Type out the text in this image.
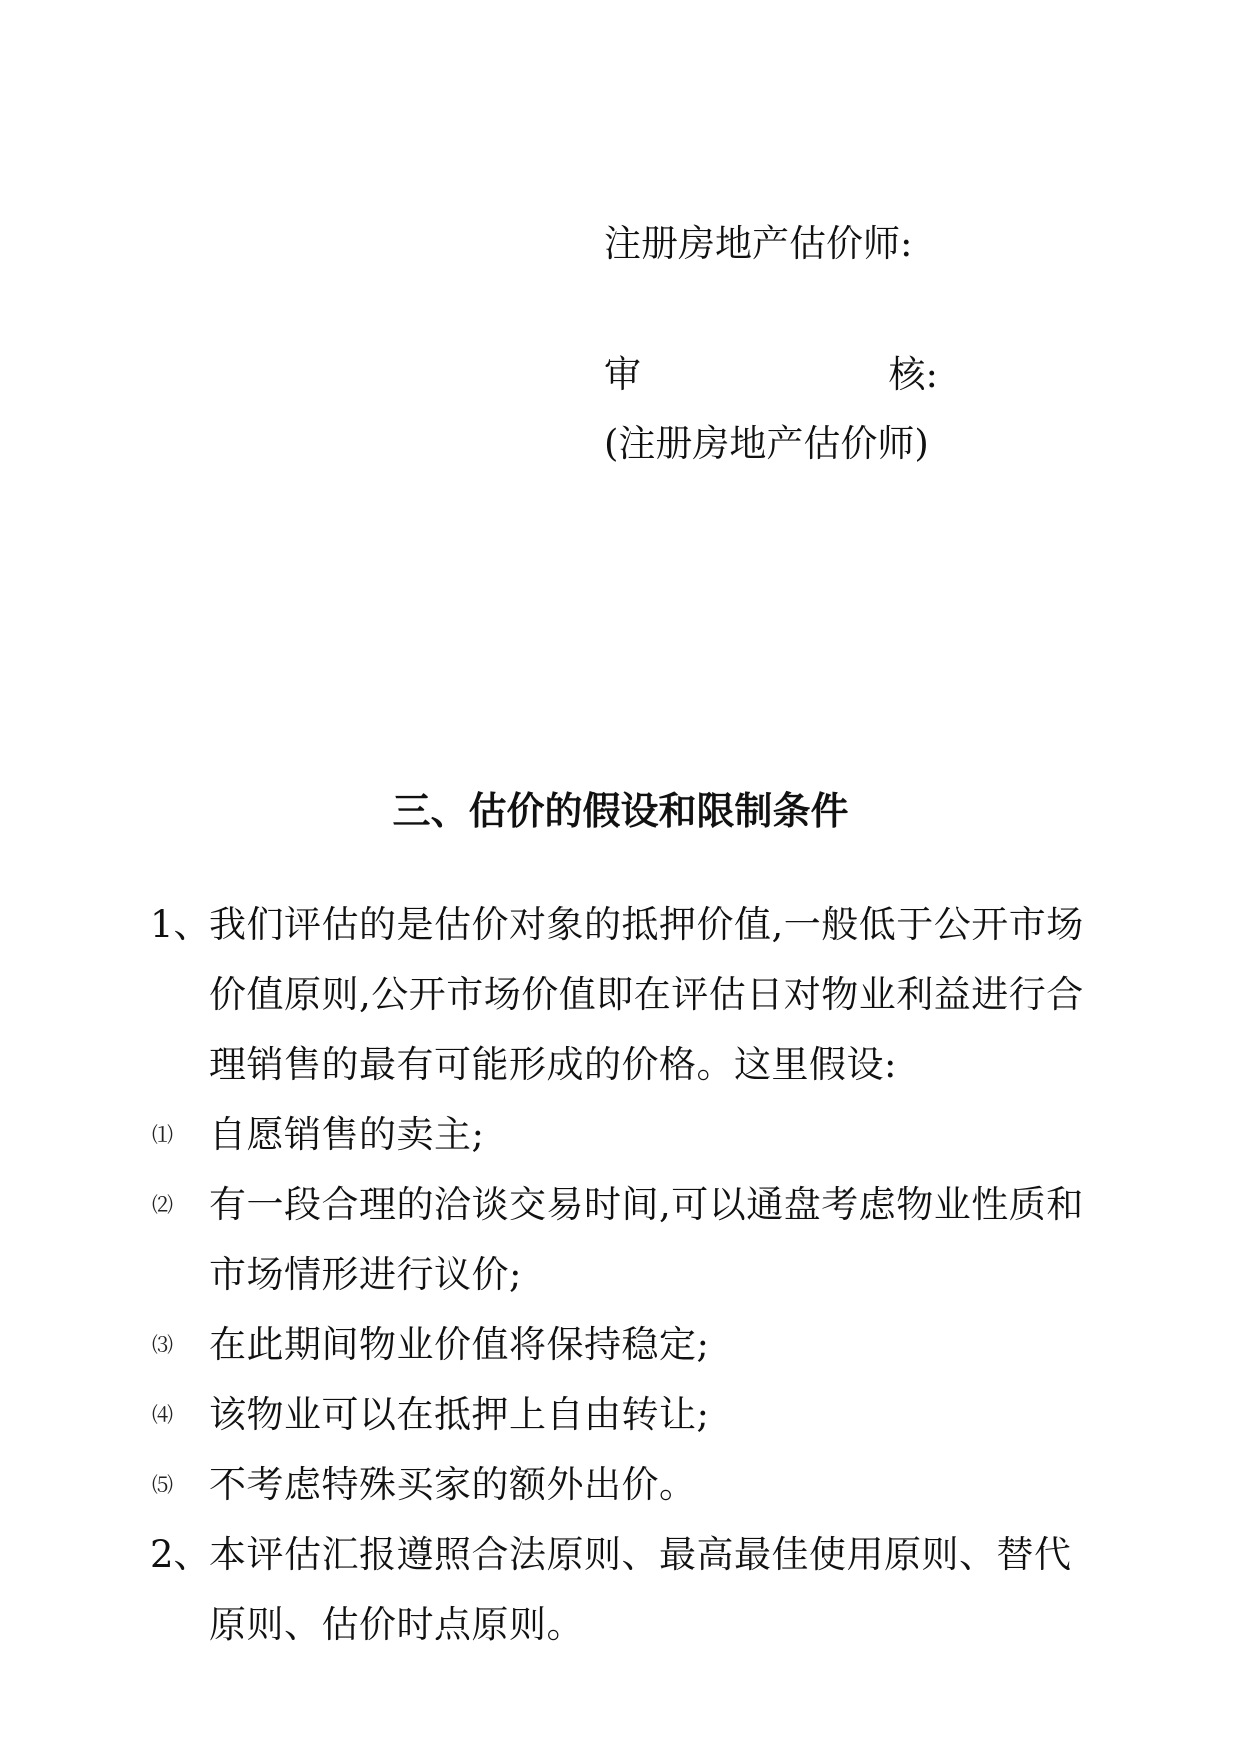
注册房地产估价师:
审	核:
(注册房地产估价师)
三、估价的假设和限制条件
1、
我们评估的是估价对象的抵押价值,一般低于公开市场
价值原则,公开市场价值即在评估日对物业利益进行合
理销售的最有可能形成的价格。这里假设:
⑴ 自愿销售的卖主;
⑵ 有一段合理的洽谈交易时间,可以通盘考虑物业性质和
市场情形进行议价;
⑶ 在此期间物业价值将保持稳定;
⑷ 该物业可以在抵押上自由转让;
⑸ 不考虑特殊买家的额外出价。
2、
本评估汇报遵照合法原则、最高最佳使用原则、替代
原则、估价时点原则。
